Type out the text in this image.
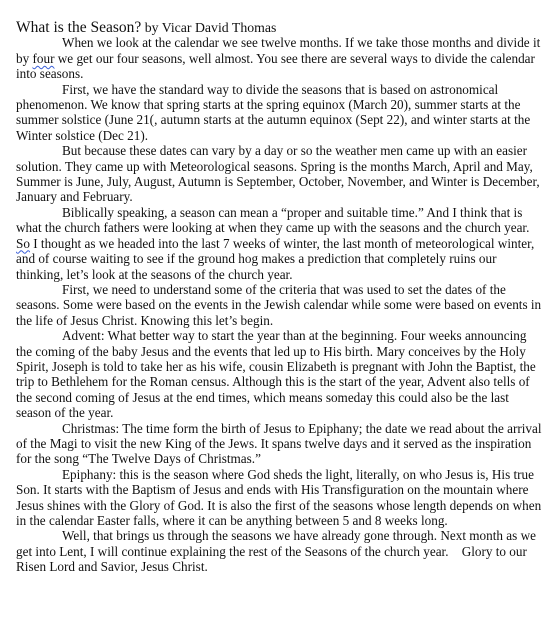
What is the Season? by Vicar David Thomas

When we look at the calendar we see twelve months. If we take those months and divide it by four we get our four seasons, well almost. You see there are several ways to divide the calendar into seasons.

First, we have the standard way to divide the seasons that is based on astronomical phenomenon. We know that spring starts at the spring equinox (March 20), summer starts at the summer solstice (June 21(, autumn starts at the autumn equinox (Sept 22), and winter starts at the Winter solstice (Dec 21).

But because these dates can vary by a day or so the weather men came up with an easier solution. They came up with Meteorological seasons. Spring is the months March, April and May, Summer is June, July, August, Autumn is September, October, November, and Winter is December, January and February.

Biblically speaking, a season can mean a “proper and suitable time.” And I think that is what the church fathers were looking at when they came up with the seasons and the church year. So I thought as we headed into the last 7 weeks of winter, the last month of meteorological winter, and of course waiting to see if the ground hog makes a prediction that completely ruins our thinking, let’s look at the seasons of the church year.

First, we need to understand some of the criteria that was used to set the dates of the seasons. Some were based on the events in the Jewish calendar while some were based on events in the life of Jesus Christ. Knowing this let’s begin.

Advent: What better way to start the year than at the beginning. Four weeks announcing the coming of the baby Jesus and the events that led up to His birth. Mary conceives by the Holy Spirit, Joseph is told to take her as his wife, cousin Elizabeth is pregnant with John the Baptist, the trip to Bethlehem for the Roman census. Although this is the start of the year, Advent also tells of the second coming of Jesus at the end times, which means someday this could also be the last season of the year.

Christmas: The time form the birth of Jesus to Epiphany; the date we read about the arrival of the Magi to visit the new King of the Jews. It spans twelve days and it served as the inspiration for the song “The Twelve Days of Christmas.”

Epiphany: this is the season where God sheds the light, literally, on who Jesus is, His true Son. It starts with the Baptism of Jesus and ends with His Transfiguration on the mountain where Jesus shines with the Glory of God. It is also the first of the seasons whose length depends on when in the calendar Easter falls, where it can be anything between 5 and 8 weeks long.

Well, that brings us through the seasons we have already gone through. Next month as we get into Lent, I will continue explaining the rest of the Seasons of the church year.    Glory to our Risen Lord and Savior, Jesus Christ.
